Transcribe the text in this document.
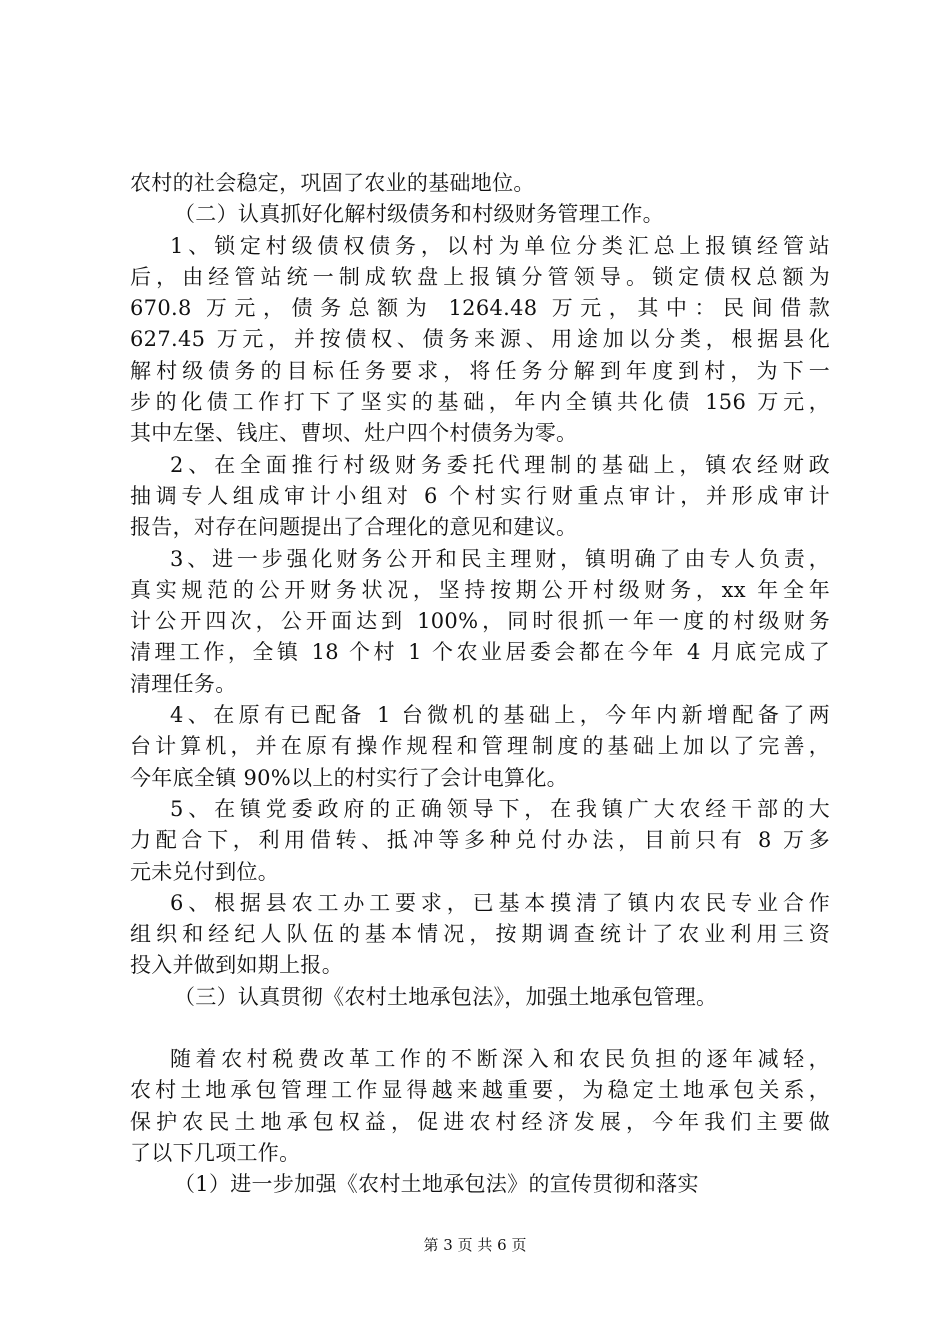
农村的社会稳定，巩固了农业的基础地位。
（二）认真抓好化解村级债务和村级财务管理工作。
1、锁定村级债权债务，以村为单位分类汇总上报镇经管站
后，由经管站统一制成软盘上报镇分管领导。锁定债权总额为
670.8 万元，债务总额为 1264.48 万元，其中：民间借款
627.45 万元，并按债权、债务来源、用途加以分类，根据县化
解村级债务的目标任务要求，将任务分解到年度到村，为下一
步的化债工作打下了坚实的基础，年内全镇共化债 156 万元，
其中左堡、钱庄、曹坝、灶户四个村债务为零。
2、在全面推行村级财务委托代理制的基础上，镇农经财政
抽调专人组成审计小组对 6 个村实行财重点审计，并形成审计
报告，对存在问题提出了合理化的意见和建议。
3、进一步强化财务公开和民主理财，镇明确了由专人负责，
真实规范的公开财务状况，坚持按期公开村级财务，xx 年全年
计公开四次，公开面达到 100%，同时很抓一年一度的村级财务
清理工作，全镇 18 个村 1 个农业居委会都在今年 4 月底完成了
清理任务。
4、在原有已配备 1 台微机的基础上，今年内新增配备了两
台计算机，并在原有操作规程和管理制度的基础上加以了完善，
今年底全镇 90%以上的村实行了会计电算化。
5、在镇党委政府的正确领导下，在我镇广大农经干部的大
力配合下，利用借转、抵冲等多种兑付办法，目前只有 8 万多
元未兑付到位。
6、根据县农工办工要求，已基本摸清了镇内农民专业合作
组织和经纪人队伍的基本情况，按期调查统计了农业利用三资
投入并做到如期上报。
（三）认真贯彻《农村土地承包法》，加强土地承包管理。
随着农村税费改革工作的不断深入和农民负担的逐年减轻，
农村土地承包管理工作显得越来越重要，为稳定土地承包关系，
保护农民土地承包权益，促进农村经济发展，今年我们主要做
了以下几项工作。
（1）进一步加强《农村土地承包法》的宣传贯彻和落实
第 3 页 共 6 页
